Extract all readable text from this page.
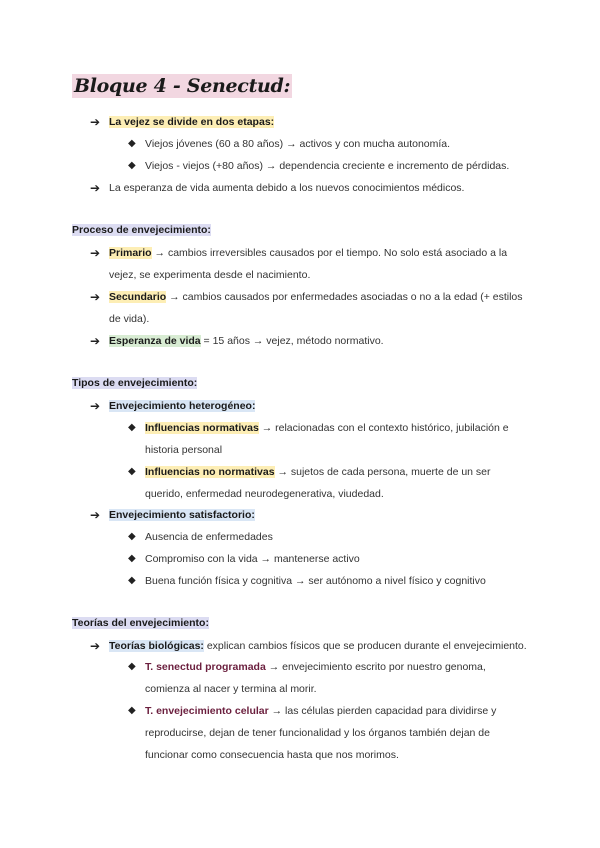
Bloque 4 - Senectud:
➔ La vejez se divide en dos etapas:
◆ Viejos jóvenes (60 a 80 años) → activos y con mucha autonomía.
◆ Viejos - viejos (+80 años) → dependencia creciente e incremento de pérdidas.
➔ La esperanza de vida aumenta debido a los nuevos conocimientos médicos.
Proceso de envejecimiento:
➔ Primario → cambios irreversibles causados por el tiempo. No solo está asociado a la
vejez, se experimenta desde el nacimiento.
➔ Secundario → cambios causados por enfermedades asociadas o no a la edad (+ estilos
de vida).
➔ Esperanza de vida = 15 años → vejez, método normativo.
Tipos de envejecimiento:
➔ Envejecimiento heterogéneo:
◆ Influencias normativas → relacionadas con el contexto histórico, jubilación e
historia personal
◆ Influencias no normativas → sujetos de cada persona, muerte de un ser
querido, enfermedad neurodegenerativa, viudedad.
➔ Envejecimiento satisfactorio:
◆ Ausencia de enfermedades
◆ Compromiso con la vida → mantenerse activo
◆ Buena función física y cognitiva → ser autónomo a nivel físico y cognitivo
Teorías del envejecimiento:
➔ Teorías biológicas: explican cambios físicos que se producen durante el envejecimiento.
◆ T. senectud programada → envejecimiento escrito por nuestro genoma,
comienza al nacer y termina al morir.
◆ T. envejecimiento celular → las células pierden capacidad para dividirse y
reproducirse, dejan de tener funcionalidad y los órganos también dejan de
funcionar como consecuencia hasta que nos morimos.
